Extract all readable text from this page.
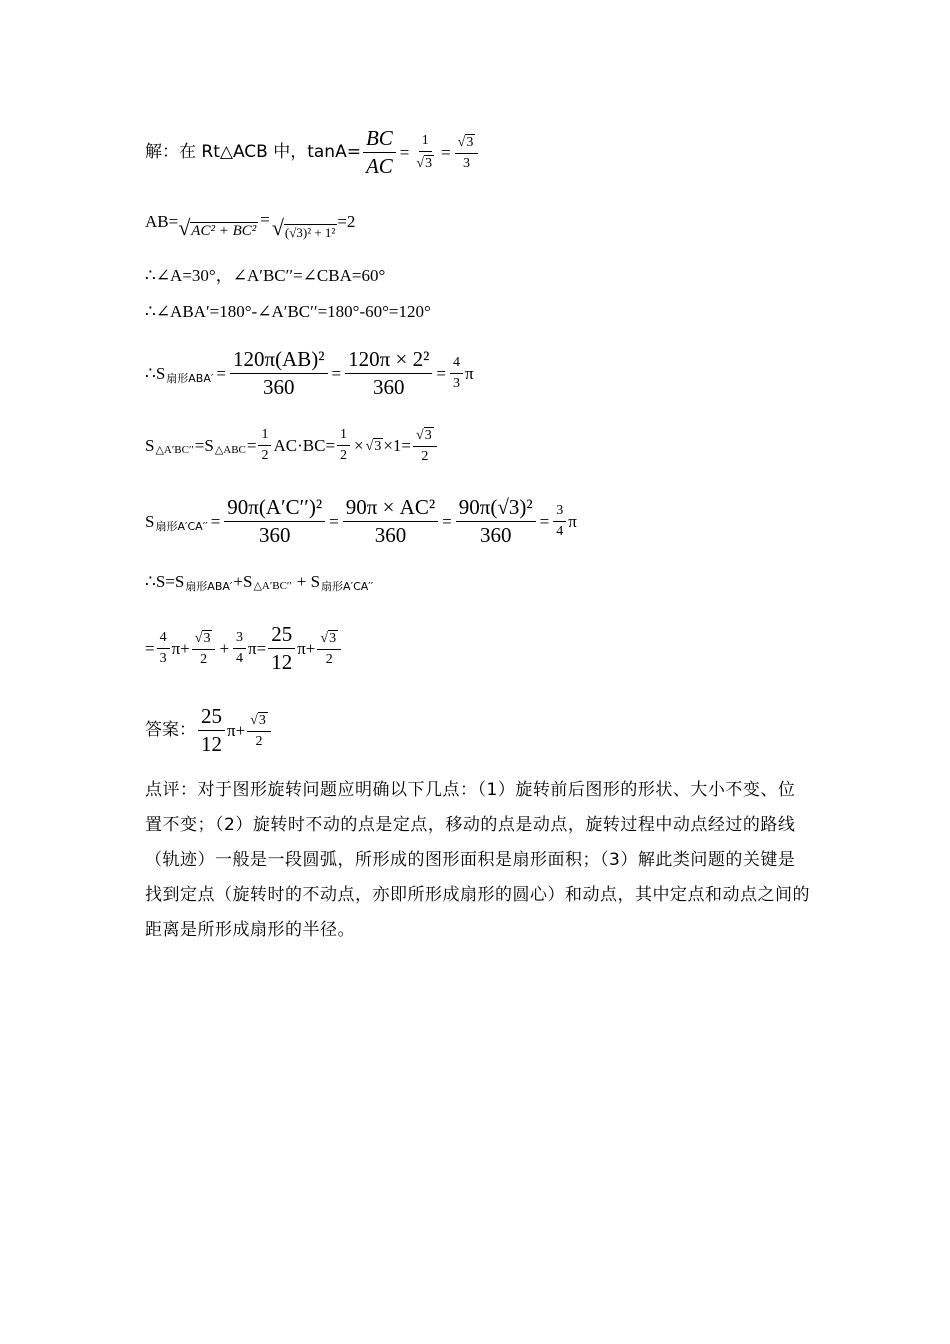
解：在 Rt△ACB 中，$\tan A= \frac{BC}{AC} = \frac{1}{√ 3} = \frac{√ 3}{3}$
AB= √ AC² + BC²
= √ (√3)² + 1²
=2
∴∠A=30°，∠A′BC′′=∠CBA=60°
∴∠ABA′=180°-∠A′BC′′=180°-60°=120°
∴S 扇形$ABA' = \frac{\text{120π(AB)²}}{360} = \frac{\text{120π × 2²}}{360} = \frac{4}{3}$ π
S △A′BC′′ =S △ABC = $\frac{1}{2} AC\cdot BC= \frac{1}{2}$ × √ $3 \times 1= \frac{√ 3}{2}$
S 扇形$A'CA'' = \frac{\text{90π(A′C′′)²}}{360} = \frac{\text{90π × AC²}}{360} = \frac{\text{90π(√3)²}}{360} = \frac{3}{4}$ π
∴S=S 扇形ABA′ +S △A′BC′′ + S 扇形A′CA′′
= $\frac{4}{3} \pi+ \frac{√ 3}{2} + \frac{3}{4} \pi= \frac{25}{12} \pi+ \frac{√ 3}{2}$
答案： $\frac{25}{12} \pi+ \frac{√ 3}{2}$
点评：对于图形旋转问题应明确以下几点：（1）旋转前后图形的形状、大小不变、位置不变；（2）旋转时不动的点是定点，移动的点是动点，旋转过程中动点经过的路线（轨迹）一般是一段圆弧，所形成的图形面积是扇形面积；（3）解此类问题的关键是找到定点（旋转时的不动点，亦即所形成扇形的圆心）和动点，其中定点和动点之间的距离是所形成扇形的半径。
